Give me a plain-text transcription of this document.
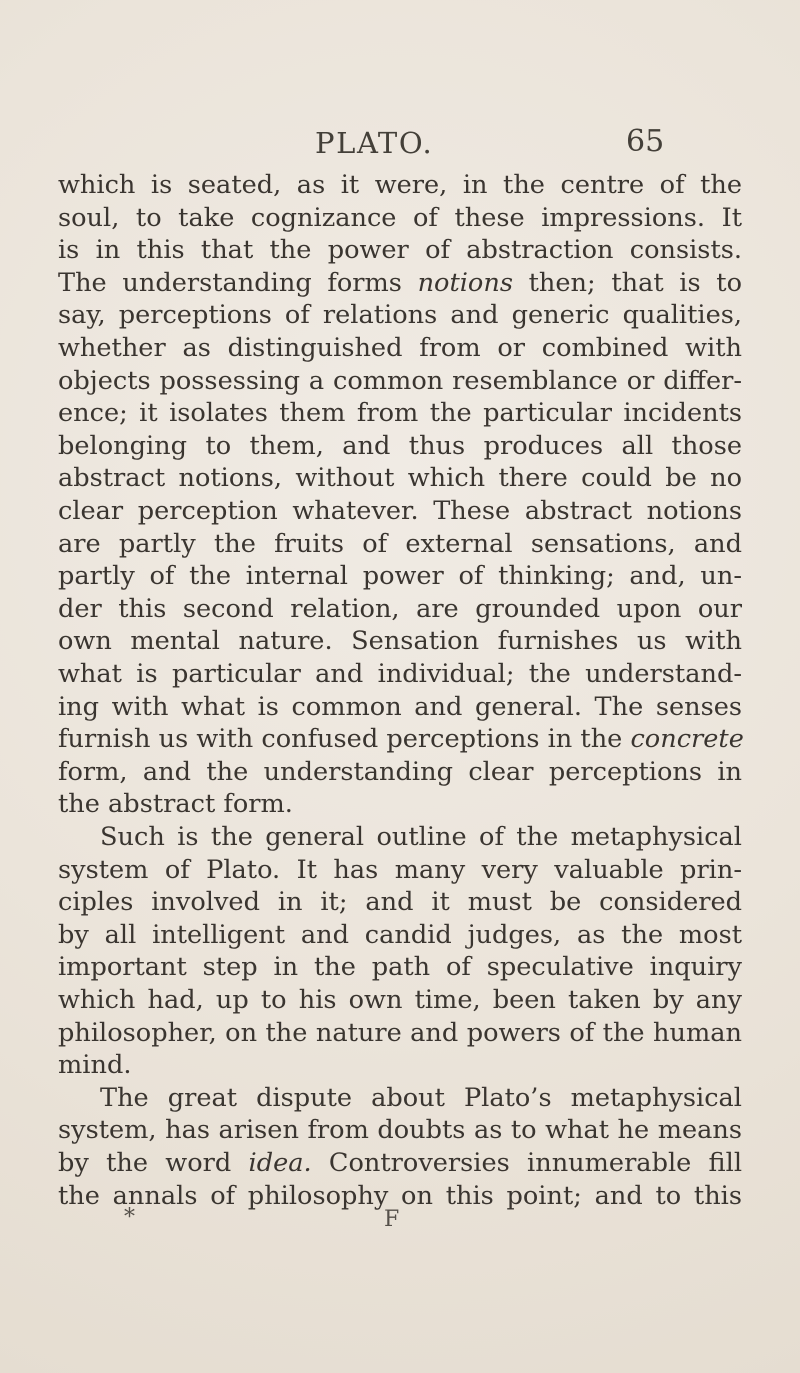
PLATO.	65
which is seated, as it were, in the centre of the
soul, to take cognizance of these impressions. It
is in this that the power of abstraction consists.
The understanding forms notions then; that is to
say, perceptions of relations and generic qualities,
whether as distinguished from or combined with
objects possessing a common resemblance or differ-
ence; it isolates them from the particular incidents
belonging to them, and thus produces all those
abstract notions, without which there could be no
clear perception whatever. These abstract notions
are partly the fruits of external sensations, and
partly of the internal power of thinking; and, un-
der this second relation, are grounded upon our
own mental nature. Sensation furnishes us with
what is particular and individual; the understand-
ing with what is common and general. The senses
furnish us with confused perceptions in the concrete
form, and the understanding clear perceptions in
the abstract form.
Such is the general outline of the metaphysical
system of Plato. It has many very valuable prin-
ciples involved in it; and it must be considered
by all intelligent and candid judges, as the most
important step in the path of speculative inquiry
which had, up to his own time, been taken by any
philosopher, on the nature and powers of the human
mind.
The great dispute about Plato’s metaphysical
system, has arisen from doubts as to what he means
by the word idea. Controversies innumerable fill
the annals of philosophy on this point; and to this
*	F
